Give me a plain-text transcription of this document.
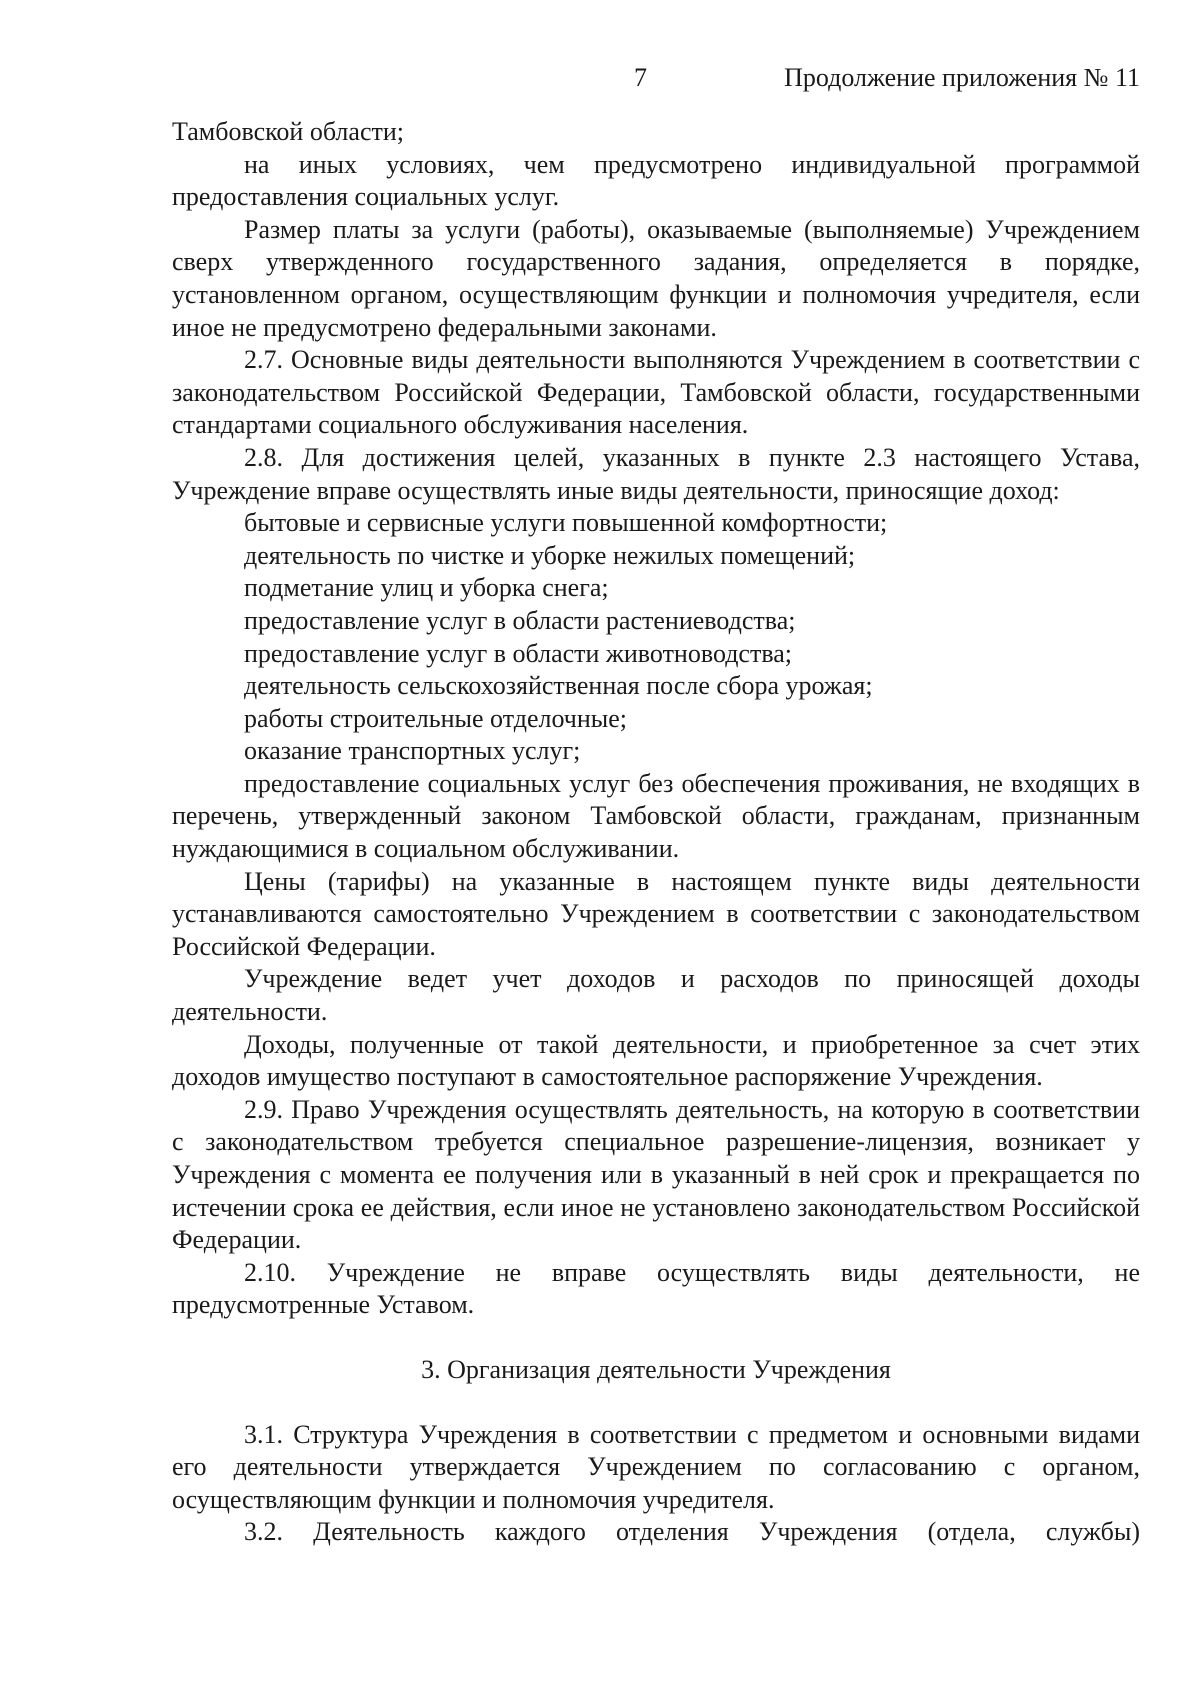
7	Продолжение приложения № 11

Тамбовской области;

на иных условиях, чем предусмотрено индивидуальной программой предоставления социальных услуг.

Размер платы за услуги (работы), оказываемые (выполняемые) Учреждением сверх утвержденного государственного задания, определяется в порядке, установленном органом, осуществляющим функции и полномочия учредителя, если иное не предусмотрено федеральными законами.

2.7. Основные виды деятельности выполняются Учреждением в соответствии с законодательством Российской Федерации, Тамбовской области, государственными стандартами социального обслуживания населения.

2.8. Для достижения целей, указанных в пункте 2.3 настоящего Устава, Учреждение вправе осуществлять иные виды деятельности, приносящие доход:

бытовые и сервисные услуги повышенной комфортности;

деятельность по чистке и уборке нежилых помещений;

подметание улиц и уборка снега;

предоставление услуг в области растениеводства;

предоставление услуг в области животноводства;

деятельность сельскохозяйственная после сбора урожая;

работы строительные отделочные;

оказание транспортных услуг;

предоставление социальных услуг без обеспечения проживания, не входящих в перечень, утвержденный законом Тамбовской области, гражданам, признанным нуждающимися в социальном обслуживании.

Цены (тарифы) на указанные в настоящем пункте виды деятельности устанавливаются самостоятельно Учреждением в соответствии с законодательством Российской Федерации.

Учреждение ведет учет доходов и расходов по приносящей доходы деятельности.

Доходы, полученные от такой деятельности, и приобретенное за счет этих доходов имущество поступают в самостоятельное распоряжение Учреждения.

2.9. Право Учреждения осуществлять деятельность, на которую в соответствии с законодательством требуется специальное разрешение-лицензия, возникает у Учреждения с момента ее получения или в указанный в ней срок и прекращается по истечении срока ее действия, если иное не установлено законодательством Российской Федерации.

2.10. Учреждение не вправе осуществлять виды деятельности, не предусмотренные Уставом.

3. Организация деятельности Учреждения

3.1. Структура Учреждения в соответствии с предметом и основными видами его деятельности утверждается Учреждением по согласованию с органом, осуществляющим функции и полномочия учредителя.

3.2. Деятельность каждого отделения Учреждения (отдела, службы)
